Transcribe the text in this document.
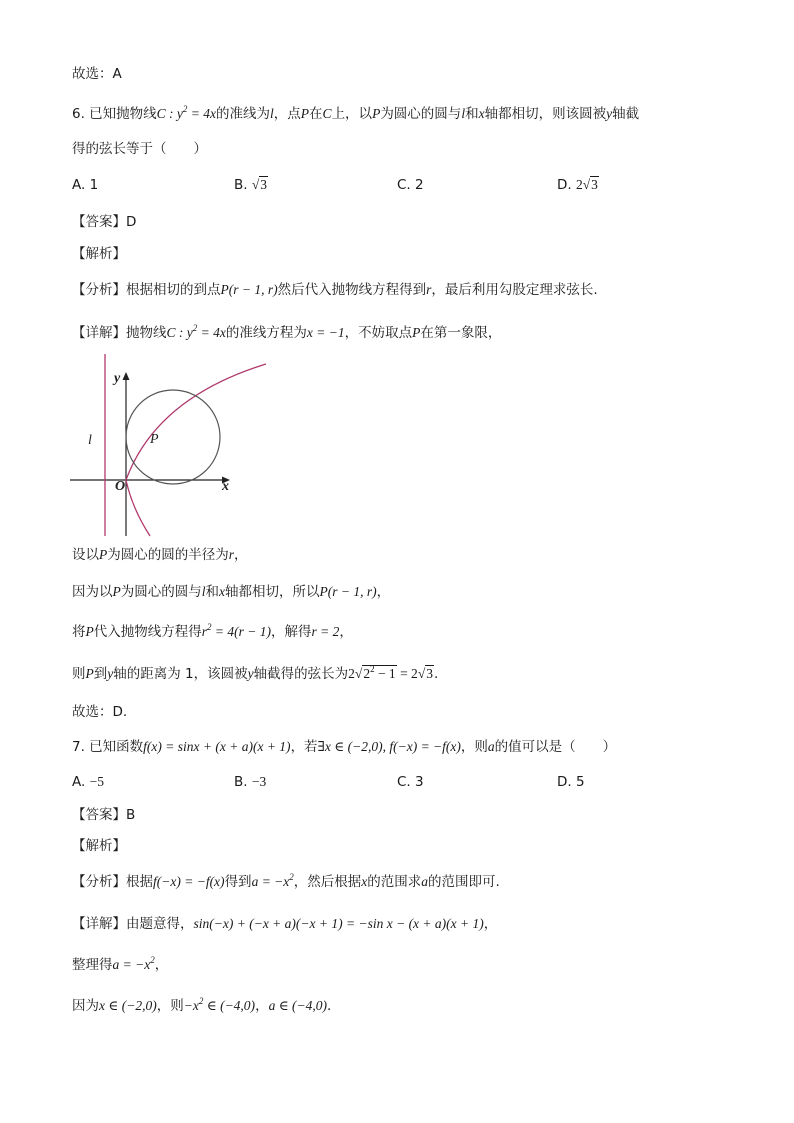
故选：A
6. 已知抛物线C : $y^2 = 4x$的准线为l，点P在C上，以P为圆心的圆与l和x轴都相切，则该圆被y轴截
得的弦长等于（　　）
A. 1	B. √3	C. 2	D. 2√3
【答案】D
【解析】
【分析】根据相切的到点P(r − 1, r)然后代入抛物线方程得到r，最后利用勾股定理求弦长.
【详解】抛物线C : $y^2 = 4x$的准线方程为x = −1，不妨取点P在第一象限，
y
x
l	P
O
设以P为圆心的圆的半径为r，
因为以P为圆心的圆与l和x轴都相切，所以P(r − 1, r)，
将P代入抛物线方程得$r^2 = 4(r - 1)$，解得r = 2，
则P到y轴的距离为 1，该圆被y轴截得的弦长为$2√2^2 - 1 = 2√3$.
故选：D.
7. 已知函数f(x) = sinx + (x + a)(x + 1)，若∃x ∈ (−2,0), f(−x) = −f(x)，则a的值可以是（　　）
A. −5	B. −3	C. 3	D. 5
【答案】B
【解析】
【分析】根据f(−x) = −f(x)得到$a = -x^2$，然后根据x的范围求a的范围即可.
【详解】由题意得，sin(−x) + (−x + a)(−x + 1) = −sin x − (x + a)(x + 1)，
整理得$a = -x^2$，
因为x ∈ (−2,0)，则$-x^2$ ∈ (−4,0)，a ∈ (−4,0).
